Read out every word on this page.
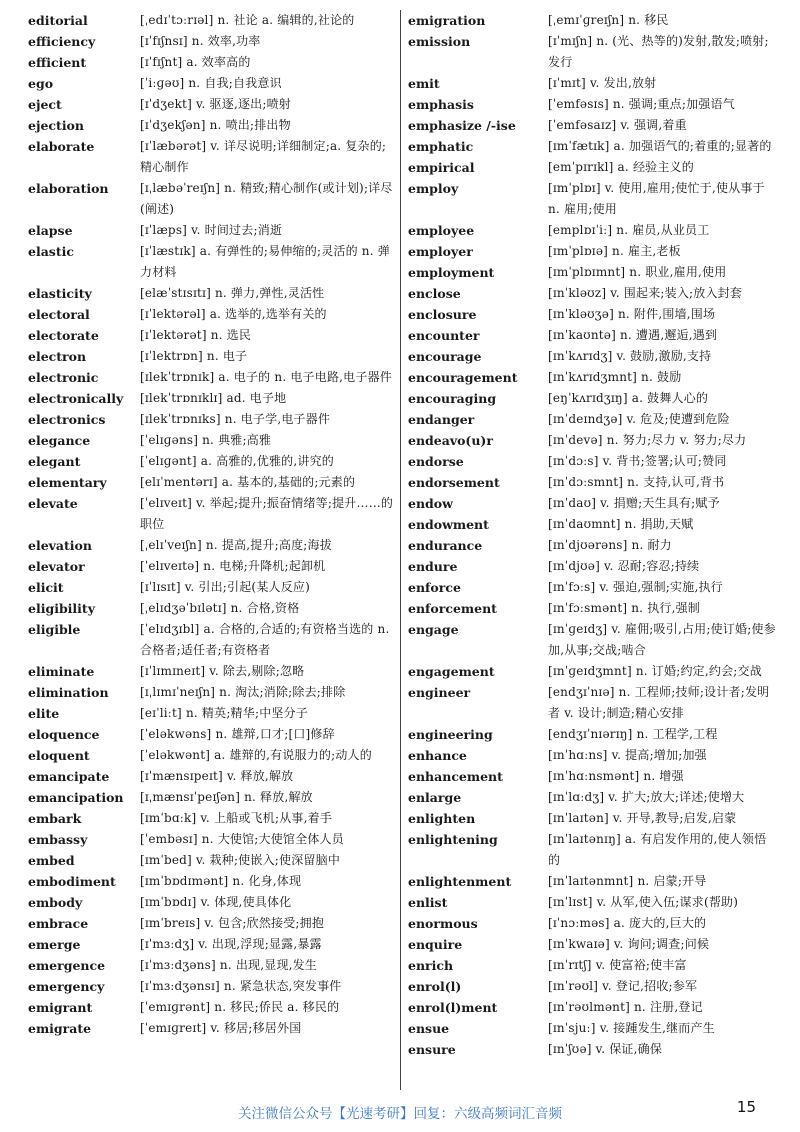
editorial	[ˌedɪˈtɔːrɪəl] n. 社论 a. 编辑的,社论的
efficiency	[ɪˈfɪʃnsɪ] n. 效率,功率
efficient	[ɪˈfɪʃnt] a. 效率高的
ego	[ˈiːɡəʊ] n. 自我;自我意识
eject	[ɪˈdʒekt] v. 驱逐,逐出;喷射
ejection	[ɪˈdʒekʃən] n. 喷出;排出物
elaborate	[ɪˈlæbərət] v. 详尽说明;详细制定;a. 复杂的;精心制作
elaboration	[ɪˌlæbəˈreɪʃn] n. 精致;精心制作(或计划);详尽(阐述)
elapse	[ɪˈlæps] v. 时间过去;消逝
elastic	[ɪˈlæstɪk] a. 有弹性的;易伸缩的;灵活的 n. 弹力材料
elasticity	[elæˈstɪsɪtɪ] n. 弹力,弹性,灵活性
electoral	[ɪˈlektərəl] a. 选举的,选举有关的
electorate	[ɪˈlektərət] n. 选民
electron	[ɪˈlektrɒn] n. 电子
electronic	[ɪlekˈtrɒnɪk] a. 电子的 n. 电子电路,电子器件
electronically	[ɪlekˈtrɒnɪklɪ] ad. 电子地
electronics	[ɪlekˈtrɒnɪks] n. 电子学,电子器件
elegance	[ˈelɪɡəns] n. 典雅;高雅
elegant	[ˈelɪɡənt] a. 高雅的,优雅的,讲究的
elementary	[elɪˈmentərɪ] a. 基本的,基础的;元素的
elevate	[ˈelɪveɪt] v. 举起;提升;振奋情绪等;提升……的职位
elevation	[ˌelɪˈveɪʃn] n. 提高,提升;高度;海拔
elevator	[ˈelɪveɪtə] n. 电梯;升降机;起卸机
elicit	[ɪˈlɪsɪt] v. 引出;引起(某人反应)
eligibility	[ˌelɪdʒəˈbɪlətɪ] n. 合格,资格
eligible	[ˈelɪdʒɪbl] a. 合格的,合适的;有资格当选的 n. 合格者;适任者;有资格者
eliminate	[ɪˈlɪmɪneɪt] v. 除去,剔除;忽略
elimination	[ɪˌlɪmɪˈneɪʃn] n. 淘汰;消除;除去;排除
elite	[eɪˈliːt] n. 精英;精华;中坚分子
eloquence	[ˈeləkwəns] n. 雄辩,口才;[口]修辞
eloquent	[ˈeləkwənt] a. 雄辩的,有说服力的;动人的
emancipate	[ɪˈmænsɪpeɪt] v. 释放,解放
emancipation	[ɪˌmænsɪˈpeɪʃən] n. 释放,解放
embark	[ɪmˈbɑːk] v. 上船或飞机;从事,着手
embassy	[ˈembəsɪ] n. 大使馆;大使馆全体人员
embed	[ɪmˈbed] v. 栽种;使嵌入;使深留脑中
embodiment	[ɪmˈbɒdɪmənt] n. 化身,体现
embody	[ɪmˈbɒdɪ] v. 体现,使具体化
embrace	[ɪmˈbreɪs] v. 包含;欣然接受;拥抱
emerge	[ɪˈmɜːdʒ] v. 出现,浮现;显露,暴露
emergence	[ɪˈmɜːdʒəns] n. 出现,显现,发生
emergency	[ɪˈmɜːdʒənsɪ] n. 紧急状态,突发事件
emigrant	[ˈemɪɡrənt] n. 移民;侨民 a. 移民的
emigrate	[ˈemɪɡreɪt] v. 移居;移居外国
emigration	[ˌemɪˈɡreɪʃn] n. 移民
emission	[ɪˈmɪʃn] n. (光、热等的)发射,散发;喷射;发行
emit	[ɪˈmɪt] v. 发出,放射
emphasis	[ˈemfəsɪs] n. 强调;重点;加强语气
emphasize /-ise	[ˈemfəsaɪz] v. 强调,着重
emphatic	[ɪmˈfætɪk] a. 加强语气的;着重的;显著的
empirical	[emˈpɪrɪkl] a. 经验主义的
employ	[ɪmˈplɒɪ] v. 使用,雇用;使忙于,使从事于 n. 雇用;使用
employee	[emplɒɪˈiː] n. 雇员,从业员工
employer	[ɪmˈplɒɪə] n. 雇主,老板
employment	[ɪmˈplɒɪmnt] n. 职业,雇用,使用
enclose	[ɪnˈkləʊz] v. 围起来;装入;放入封套
enclosure	[ɪnˈkləʊʒə] n. 附件,围墙,围场
encounter	[ɪnˈkaʊntə] n. 遭遇,邂逅,遇到
encourage	[ɪnˈkʌrɪdʒ] v. 鼓励,激励,支持
encouragement	[ɪnˈkʌrɪdʒmnt] n. 鼓励
encouraging	[eŋˈkʌrɪdʒɪŋ] a. 鼓舞人心的
endanger	[ɪnˈdeɪndʒə] v. 危及;使遭到危险
endeavo(u)r	[ɪnˈdevə] n. 努力;尽力 v. 努力;尽力
endorse	[ɪnˈdɔːs] v. 背书;签署;认可;赞同
endorsement	[ɪnˈdɔːsmnt] n. 支持,认可,背书
endow	[ɪnˈdaʊ] v. 捐赠;天生具有;赋予
endowment	[ɪnˈdaʊmnt] n. 捐助,天赋
endurance	[ɪnˈdjʊərəns] n. 耐力
endure	[ɪnˈdjʊə] v. 忍耐;容忍;持续
enforce	[ɪnˈfɔːs] v. 强迫,强制;实施,执行
enforcement	[ɪnˈfɔːsmənt] n. 执行,强制
engage	[ɪnˈɡeɪdʒ] v. 雇佣;吸引,占用;使订婚;使参加,从事;交战;啮合
engagement	[ɪnˈɡeɪdʒmnt] n. 订婚;约定,约会;交战
engineer	[endʒɪˈnɪə] n. 工程师;技师;设计者;发明者 v. 设计;制造;精心安排
engineering	[endʒɪˈnɪərɪŋ] n. 工程学,工程
enhance	[ɪnˈhɑːns] v. 提高;增加;加强
enhancement	[ɪnˈhɑːnsmənt] n. 增强
enlarge	[ɪnˈlɑːdʒ] v. 扩大;放大;详述;使增大
enlighten	[ɪnˈlaɪtən] v. 开导,教导;启发,启蒙
enlightening	[ɪnˈlaɪtənɪŋ] a. 有启发作用的,使人领悟的
enlightenment	[ɪnˈlaɪtənmnt] n. 启蒙;开导
enlist	[ɪnˈlɪst] v. 从军,使入伍;谋求(帮助)
enormous	[ɪˈnɔːməs] a. 庞大的,巨大的
enquire	[ɪnˈkwaɪə] v. 询问;调查;问候
enrich	[ɪnˈrɪtʃ] v. 使富裕;使丰富
enrol(l)	[ɪnˈrəʊl] v. 登记,招收;参军
enrol(l)ment	[ɪnˈrəʊlmənt] n. 注册,登记
ensue	[ɪnˈsjuː] v. 接踵发生,继而产生
ensure	[ɪnˈʃʊə] v. 保证,确保
关注微信公众号【光速考研】回复：六级高频词汇音频	15
